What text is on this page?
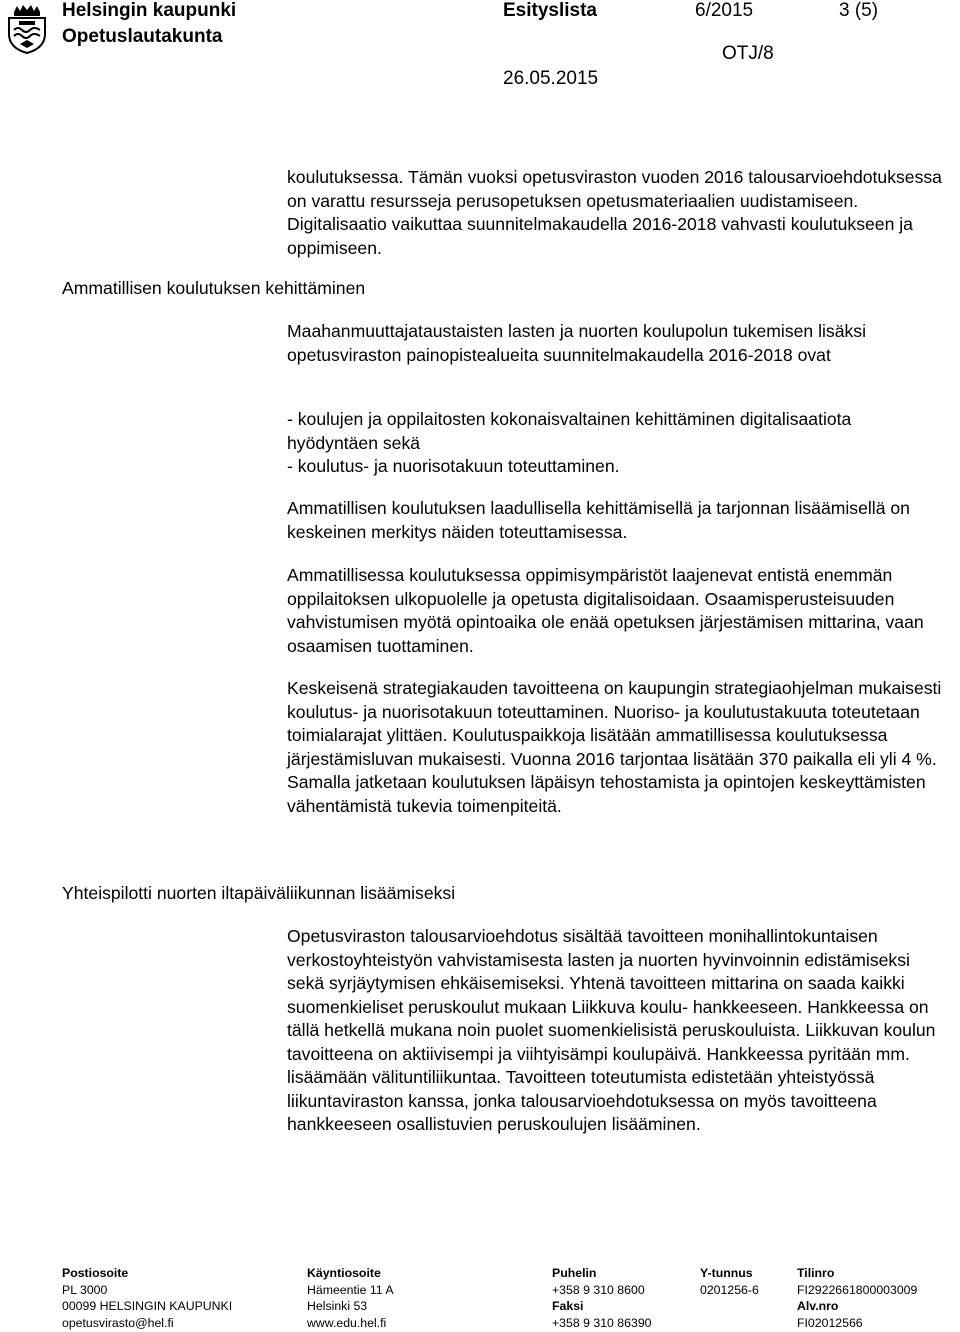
Helsingin kaupunki
Opetuslautakunta
Esityslista	6/2015	3 (5)
OTJ/8
26.05.2015
Ammatillisen koulutuksen kehittäminen
Yhteispilotti nuorten iltapäiväliikunnan lisäämiseksi

koulutuksessa. Tämän vuoksi opetusviraston vuoden 2016 talousarvioehdotuksessa on varattu resursseja perusopetuksen opetusmateriaalien uudistamiseen. Digitalisaatio vaikuttaa suunnitelmakaudella 2016-2018 vahvasti koulutukseen ja oppimiseen.

Maahanmuuttajataustaisten lasten ja nuorten koulupolun tukemisen lisäksi opetusviraston painopistealueita suunnitelmakaudella 2016-2018 ovat

- koulujen ja oppilaitosten kokonaisvaltainen kehittäminen digitalisaatiota hyödyntäen sekä
- koulutus- ja nuorisotakuun toteuttaminen.

Ammatillisen koulutuksen laadullisella kehittämisellä ja tarjonnan lisäämisellä on keskeinen merkitys näiden toteuttamisessa.

Ammatillisessa koulutuksessa oppimisympäristöt laajenevat entistä enemmän oppilaitoksen ulkopuolelle ja opetusta digitalisoidaan. Osaamisperusteisuuden vahvistumisen myötä opintoaika ole enää opetuksen järjestämisen mittarina, vaan osaamisen tuottaminen.

Keskeisenä strategiakauden tavoitteena on kaupungin strategiaohjelman mukaisesti koulutus- ja nuorisotakuun toteuttaminen. Nuoriso- ja koulutustakuuta toteutetaan toimialarajat ylittäen. Koulutuspaikkoja lisätään ammatillisessa koulutuksessa järjestämisluvan mukaisesti. Vuonna 2016 tarjontaa lisätään 370 paikalla eli yli 4 %. Samalla jatketaan koulutuksen läpäisyn tehostamista ja opintojen keskeyttämisten vähentämistä tukevia toimenpiteitä.

Opetusviraston talousarvioehdotus sisältää tavoitteen monihallintokuntaisen verkostoyhteistyön vahvistamisesta lasten ja nuorten hyvinvoinnin edistämiseksi sekä syrjäytymisen ehkäisemiseksi. Yhtenä tavoitteen mittarina on saada kaikki suomenkieliset peruskoulut mukaan Liikkuva koulu- hankkeeseen. Hankkeessa on tällä hetkellä mukana noin puolet suomenkielisistä peruskouluista. Liikkuvan koulun tavoitteena on aktiivisempi ja viihtyisämpi koulupäivä. Hankkeessa pyritään mm. lisäämään välituntiliikuntaa. Tavoitteen toteutumista edistetään yhteistyössä liikuntaviraston kanssa, jonka talousarvioehdotuksessa on myös tavoitteena hankkeeseen osallistuvien peruskoulujen lisääminen.

Postiosoite
PL 3000
00099 HELSINGIN KAUPUNKI
opetusvirasto@hel.fi
Käyntiosoite
Hämeentie 11 A
Helsinki 53
www.edu.hel.fi
Puhelin
+358 9 310 8600
Faksi
+358 9 310 86390
Y-tunnus
0201256-6
Tilinro
FI2922661800003009
Alv.nro
FI02012566
